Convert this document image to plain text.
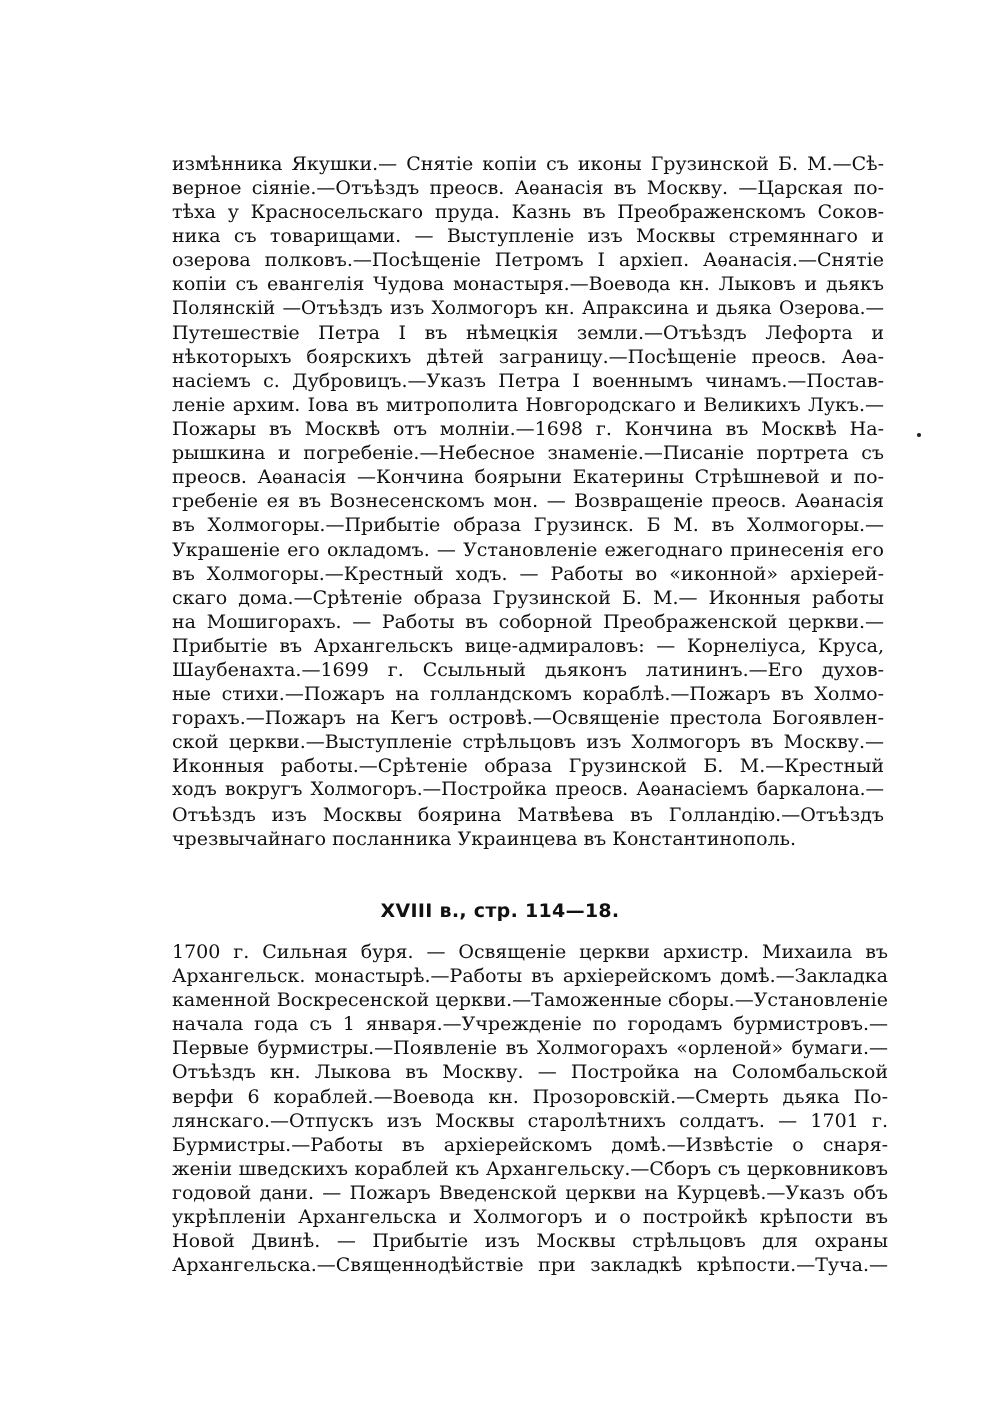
измѣнника Якушки.— Снятіе копіи съ иконы Грузинской Б. М.—Сѣ-
верное сіяніе.—Отъѣздъ преосв. Аѳанасія въ Москву. —Царская по-
тѣха у Красносельскаго пруда. Казнь въ Преображенскомъ Соков-
ника съ товарищами. — Выступленіе изъ Москвы стремяннаго и
озерова полковъ.—Посѣщеніе Петромъ I архіеп. Аѳанасія.—Снятіе
копіи съ евангелія Чудова монастыря.—Воевода кн. Лыковъ и дьякъ
Полянскій —Отъѣздъ изъ Холмогоръ кн. Апраксина и дьяка Озерова.—
Путешествіе Петра I въ нѣмецкія земли.—Отъѣздъ Лефорта и
нѣкоторыхъ боярскихъ дѣтей заграницу.—Посѣщеніе преосв. Аѳа-
насіемъ с. Дубровицъ.—Указъ Петра I военнымъ чинамъ.—Постав-
леніе архим. Іова въ митрополита Новгородскаго и Великихъ Лукъ.—
Пожары въ Москвѣ отъ молніи.—1698 г. Кончина въ Москвѣ На-
рышкина и погребеніе.—Небесное знаменіе.—Писаніе портрета съ
преосв. Аѳанасія —Кончина боярыни Екатерины Стрѣшневой и по-
гребеніе ея въ Вознесенскомъ мон. — Возвращеніе преосв. Аѳанасія
въ Холмогоры.—Прибытіе образа Грузинск. Б М. въ Холмогоры.—
Украшеніе его окладомъ. — Установленіе ежегоднаго принесенія его
въ Холмогоры.—Крестный ходъ. — Работы во «иконной» архіерей-
скаго дома.—Срѣтеніе образа Грузинской Б. М.— Иконныя работы
на Мошигорахъ. — Работы въ соборной Преображенской церкви.—
Прибытіе въ Архангельскъ вице-адмираловъ: — Корнеліуса, Круса,
Шаубенахта.—1699 г. Ссыльный дьяконъ латининъ.—Его духов-
ные стихи.—Пожаръ на голландскомъ кораблѣ.—Пожаръ въ Холмо-
горахъ.—Пожаръ на Кегъ островѣ.—Освященіе престола Богоявлен-
ской церкви.—Выступленіе стрѣльцовъ изъ Холмогоръ въ Москву.—
Иконныя работы.—Срѣтеніе образа Грузинской Б. М.—Крестный
ходъ вокругъ Холмогоръ.—Постройка преосв. Аѳанасіемъ баркалона.—
Отъѣздъ изъ Москвы боярина Матвѣева въ Голландію.—Отъѣздъ
чрезвычайнаго посланника Украинцева въ Константинополь.
XVIII в., стр. 114—18.
1700 г. Сильная буря. — Освященіе церкви архистр. Михаила въ
Архангельск. монастырѣ.—Работы въ архіерейскомъ домѣ.—Закладка
каменной Воскресенской церкви.—Таможенные сборы.—Установленіе
начала года съ 1 января.—Учрежденіе по городамъ бурмистровъ.—
Первые бурмистры.—Появленіе въ Холмогорахъ «орленой» бумаги.—
Отъѣздъ кн. Лыкова въ Москву. — Постройка на Соломбальской
верфи 6 кораблей.—Воевода кн. Прозоровскій.—Смерть дьяка По-
лянскаго.—Отпускъ изъ Москвы старолѣтнихъ солдатъ. — 1701 г.
Бурмистры.—Работы въ архіерейскомъ домѣ.—Извѣстіе о снаря-
женіи шведскихъ кораблей къ Архангельску.—Сборъ съ церковниковъ
годовой дани. — Пожаръ Введенской церкви на Курцевѣ.—Указъ объ
укрѣпленіи Архангельска и Холмогоръ и о постройкѣ крѣпости въ
Новой Двинѣ. — Прибытіе изъ Москвы стрѣльцовъ для охраны
Архангельска.—Священнодѣйствіе при закладкѣ крѣпости.—Туча.—
